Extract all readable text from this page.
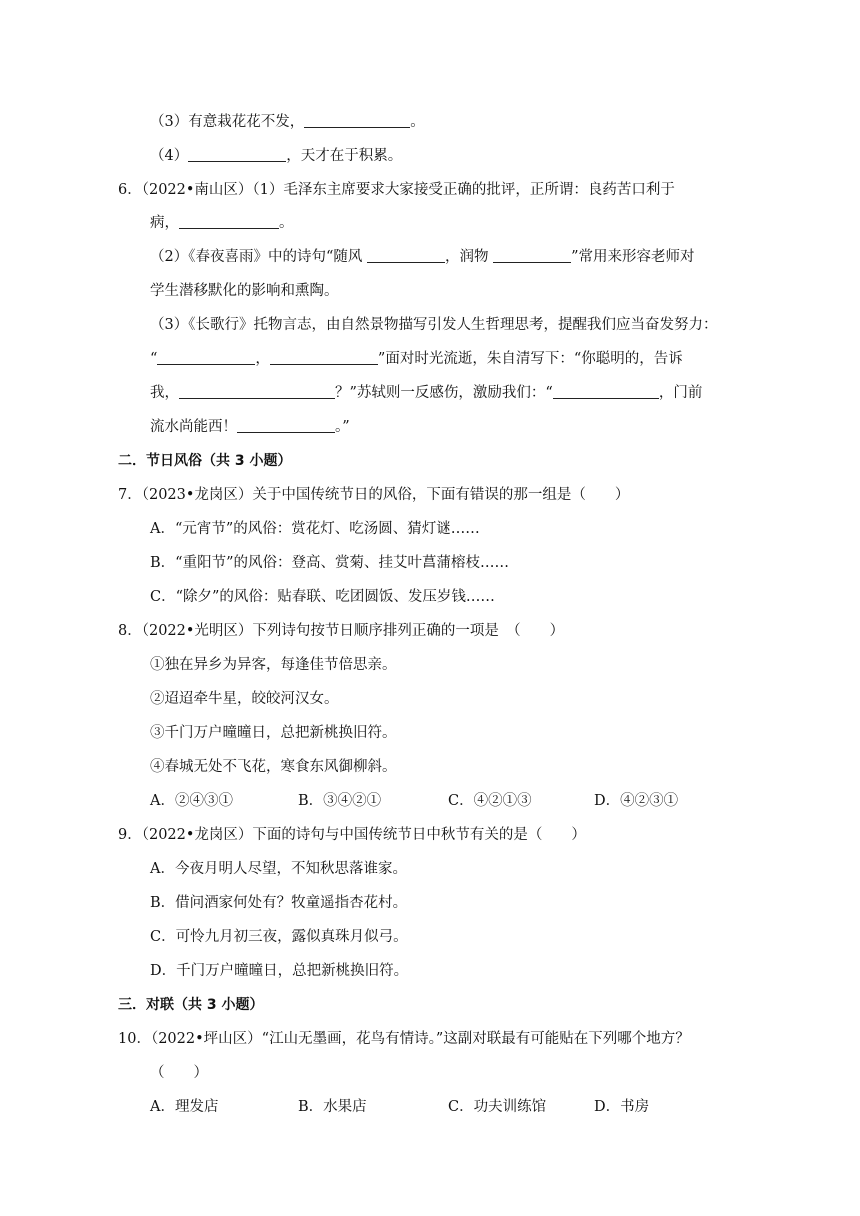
（3）有意栽花花不发，	。
（4）	，天才在于积累。
6．（2022•南山区）（1）毛泽东主席要求大家接受正确的批评，正所谓：良药苦口利于
病，	。
（2）《春夜喜雨》中的诗句“随风	，润物	”常用来形容老师对
学生潜移默化的影响和熏陶。
（3）《长歌行》托物言志，由自然景物描写引发人生哲理思考，提醒我们应当奋发努力：
“	，	”面对时光流逝，朱自清写下：“你聪明的，告诉
我，	？”苏轼则一反感伤，激励我们：“	，门前
流水尚能西！	。”
二．节日风俗（共 3 小题）
7．（2023•龙岗区）关于中国传统节日的风俗，下面有错误的那一组是（　　）
A．“元宵节”的风俗：赏花灯、吃汤圆、猜灯谜……
B．“重阳节”的风俗：登高、赏菊、挂艾叶菖蒲榕枝……
C．“除夕”的风俗：贴春联、吃团圆饭、发压岁钱……
8．（2022•光明区）下列诗句按节日顺序排列正确的一项是　（　　）
①独在异乡为异客，每逢佳节倍思亲。
②迢迢牵牛星，皎皎河汉女。
③千门万户曈曈日，总把新桃换旧符。
④春城无处不飞花，寒食东风御柳斜。
A．②④③①	B．③④②①	C．④②①③	D．④②③①
9．（2022•龙岗区）下面的诗句与中国传统节日中秋节有关的是（　　）
A．今夜月明人尽望，不知秋思落谁家。
B．借问酒家何处有？牧童遥指杏花村。
C．可怜九月初三夜，露似真珠月似弓。
D．千门万户曈曈日，总把新桃换旧符。
三．对联（共 3 小题）
10．（2022•坪山区）“江山无墨画，花鸟有情诗。”这副对联最有可能贴在下列哪个地方？
（　　）
A．理发店	B．水果店	C．功夫训练馆	D．书房
